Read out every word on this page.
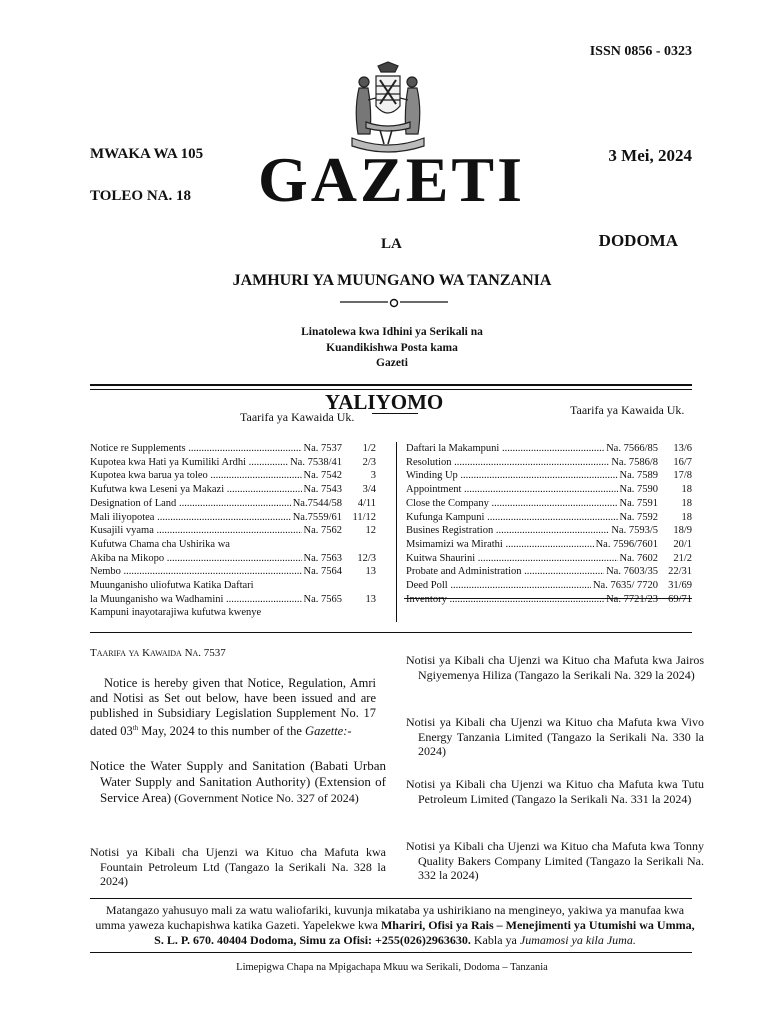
ISSN 0856 - 0323
MWAKA WA 105
TOLEO NA. 18
3 Mei, 2024
GAZETI
LA	DODOMA
JAMHURI YA MUUNGANO WA TANZANIA
Linatolewa kwa Idhini ya Serikali na
Kuandikishwa Posta kama
Gazeti
YALIYOMO
Taarifa ya Kawaida Uk.	Taarifa ya Kawaida Uk.
Notice re Supplements .....	Na. 7537	1/2
Kupotea kwa Hati ya Kumiliki Ardhi .....	Na. 7538/41	2/3
Kupotea kwa barua ya toleo .....	Na. 7542	3
Kufutwa kwa Leseni ya Makazi .....	Na. 7543	3/4
Designation of Land .....	Na.7544/58	4/11
Mali iliyopotea .....	Na.7559/61 11/12
Kusajili vyama .....	Na. 7562	12
Kufutwa Chama cha Ushirika wa
Akiba na Mikopo .....	Na. 7563	12/3
Nembo .....	Na. 7564	13
Muunganisho uliofutwa Katika Daftari
la Muunganisho wa Wadhamini .....	Na. 7565	13
Kampuni inayotarajiwa kufutwa kwenye
Daftari la Makampuni .....	Na. 7566/85	13/6
Resolution .....	Na. 7586/8	16/7
Winding Up .....	Na. 7589	17/8
Appointment .....	Na. 7590	18
Close the Company .....	Na. 7591	18
Kufunga Kampuni .....	Na. 7592	18
Busines Registration .....	Na. 7593/5	18/9
Msimamizi wa Mirathi .....	Na. 7596/7601	20/1
Kuitwa Shaurini .....	Na. 7602	21/2
Probate and Administration .....	Na. 7603/35 22/31
Deed Poll .....	Na. 7635/ 7720 31/69
Inventory .....	Na. 7721/23 69/71
Taarifa ya Kawaida Na. 7537
Notice is hereby given that Notice, Regulation, Amri and Notisi as Set out below, have been issued and are published in Subsidiary Legislation Supplement No. 17 dated 03th May, 2024 to this number of the Gazette:-
Notice the Water Supply and Sanitation (Babati Urban Water Supply and Sanitation Authority) (Extension of Service Area) (Government Notice No. 327 of 2024)
Notisi ya Kibali cha Ujenzi wa Kituo cha Mafuta kwa Fountain Petroleum Ltd (Tangazo la Serikali Na. 328 la 2024)
Notisi ya Kibali cha Ujenzi wa Kituo cha Mafuta kwa Jairos Ngiyemenya Hiliza (Tangazo la Serikali Na. 329 la 2024)
Notisi ya Kibali cha Ujenzi wa Kituo cha Mafuta kwa Vivo Energy Tanzania Limited (Tangazo la Serikali Na. 330 la 2024)
Notisi ya Kibali cha Ujenzi wa Kituo cha Mafuta kwa Tutu Petroleum Limited (Tangazo la Serikali Na. 331 la 2024)
Notisi ya Kibali cha Ujenzi wa Kituo cha Mafuta kwa Tonny Quality Bakers Company Limited (Tangazo la Serikali Na. 332 la 2024)
Matangazo yahusuyo mali za watu waliofariki, kuvunja mikataba ya ushirikiano na mengineyo, yakiwa ya manufaa kwa umma yaweza kuchapishwa katika Gazeti. Yapelekwe kwa Mhariri, Ofisi ya Rais – Menejimenti ya Utumishi wa Umma, S. L. P. 670. 40404 Dodoma, Simu za Ofisi: +255(026)2963630. Kabla ya Jumamosi ya kila Juma.
Limepigwa Chapa na Mpigachapa Mkuu wa Serikali, Dodoma – Tanzania
